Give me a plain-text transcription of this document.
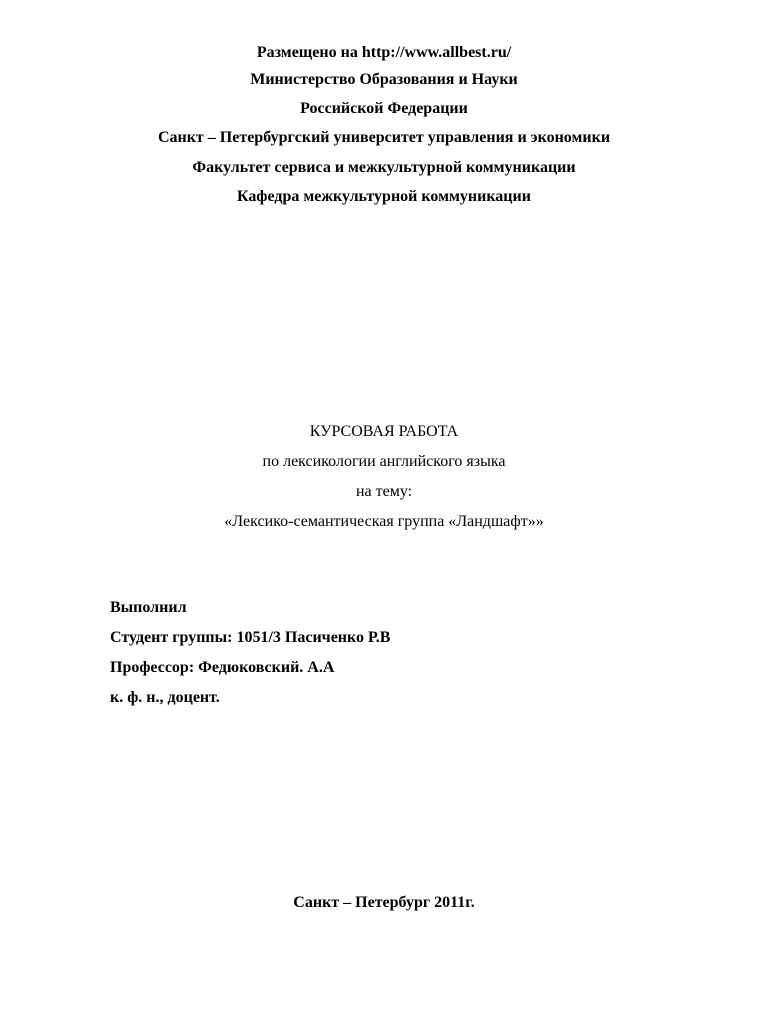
Размещено на http://www.allbest.ru/
Министерство Образования и Науки
Российской Федерации
Санкт – Петербургский университет управления и экономики
Факультет сервиса и межкультурной коммуникации
Кафедра межкультурной коммуникации
КУРСОВАЯ РАБОТА
по лексикологии английского языка
на тему:
«Лексико-семантическая группа «Ландшафт»»
Выполнил
Студент группы: 1051/3 Пасиченко Р.В
Профессор: Федюковский. А.А
к. ф. н., доцент.
Санкт – Петербург 2011г.
